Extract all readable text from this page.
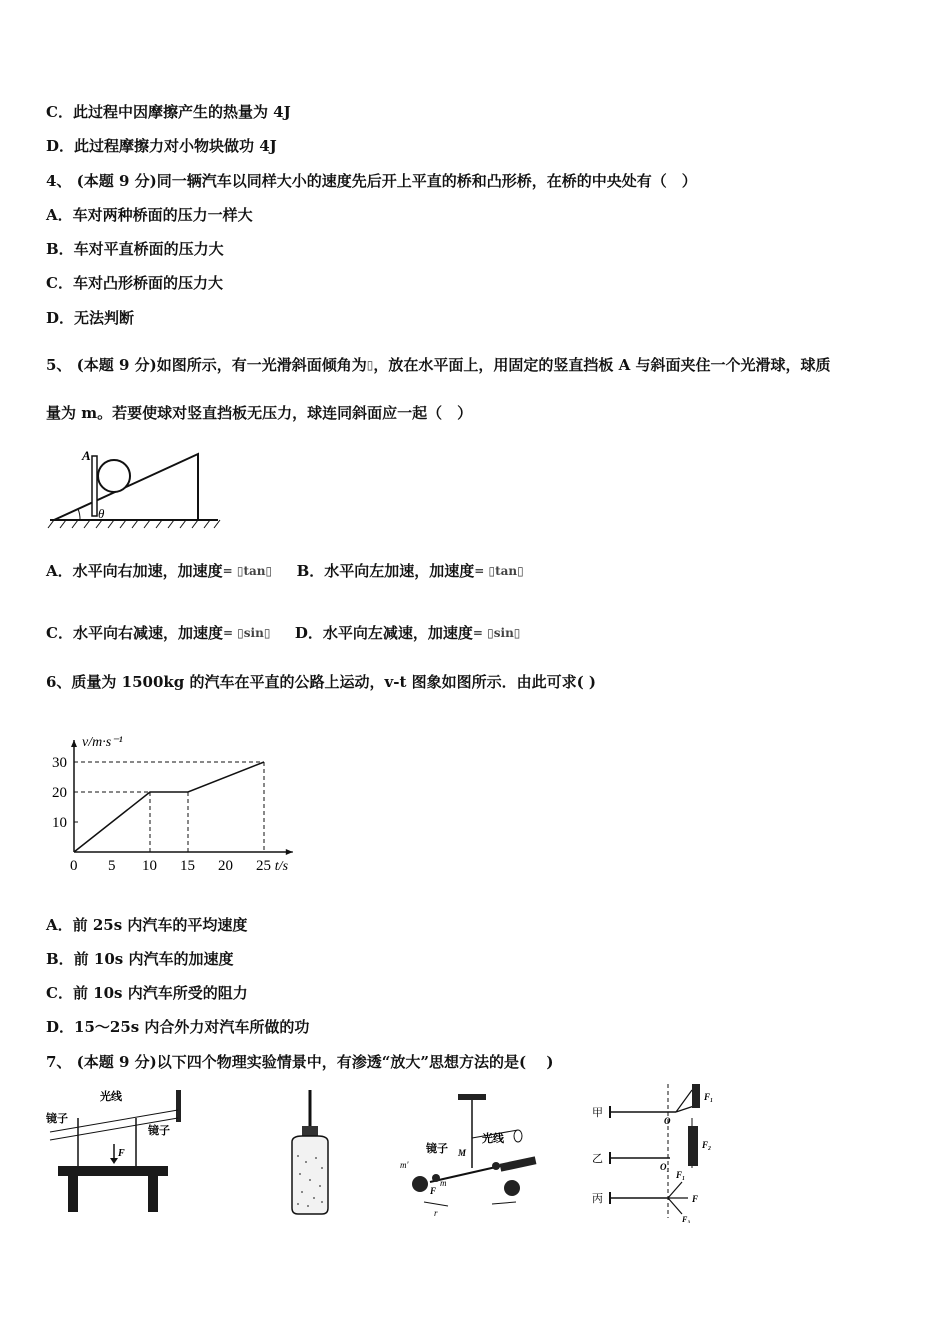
C．此过程中因摩擦产生的热量为 4J
D．此过程摩擦力对小物块做功 4J
4、 (本题 9 分)同一辆汽车以同样大小的速度先后开上平直的桥和凸形桥，在桥的中央处有（　）
A．车对两种桥面的压力一样大
B．车对平直桥面的压力大
C．车对凸形桥面的压力大
D．无法判断
5、 (本题 9 分)如图所示，有一光滑斜面倾角为▯，放在水平面上，用固定的竖直挡板 A 与斜面夹住一个光滑球，球质
量为 m。若要使球对竖直挡板无压力，球连同斜面应一起（　）
A
θ
A．水平向右加速，加速度= ▯tan▯ B．水平向左加速，加速度= ▯tan▯
C．水平向右减速，加速度= ▯sin▯ D．水平向左减速，加速度= ▯sin▯
6、质量为 1500kg 的汽车在平直的公路上运动，v-t 图象如图所示．由此可求( )
v/m·s⁻¹
t/s
0 5 10 15 20 25
10
20
30
A．前 25s 内汽车的平均速度
B．前 10s 内汽车的加速度
C．前 10s 内汽车所受的阻力
D．15～25s 内合外力对汽车所做的功
7、 (本题 9 分)以下四个物理实验情景中，有渗透“放大”思想方法的是(　 )
光线
镜子
镜子
F	镜子
光线
M
m'
m
F
r
甲
乙
丙
O
O₁
F₁
F₂
F₁
F
F₃
